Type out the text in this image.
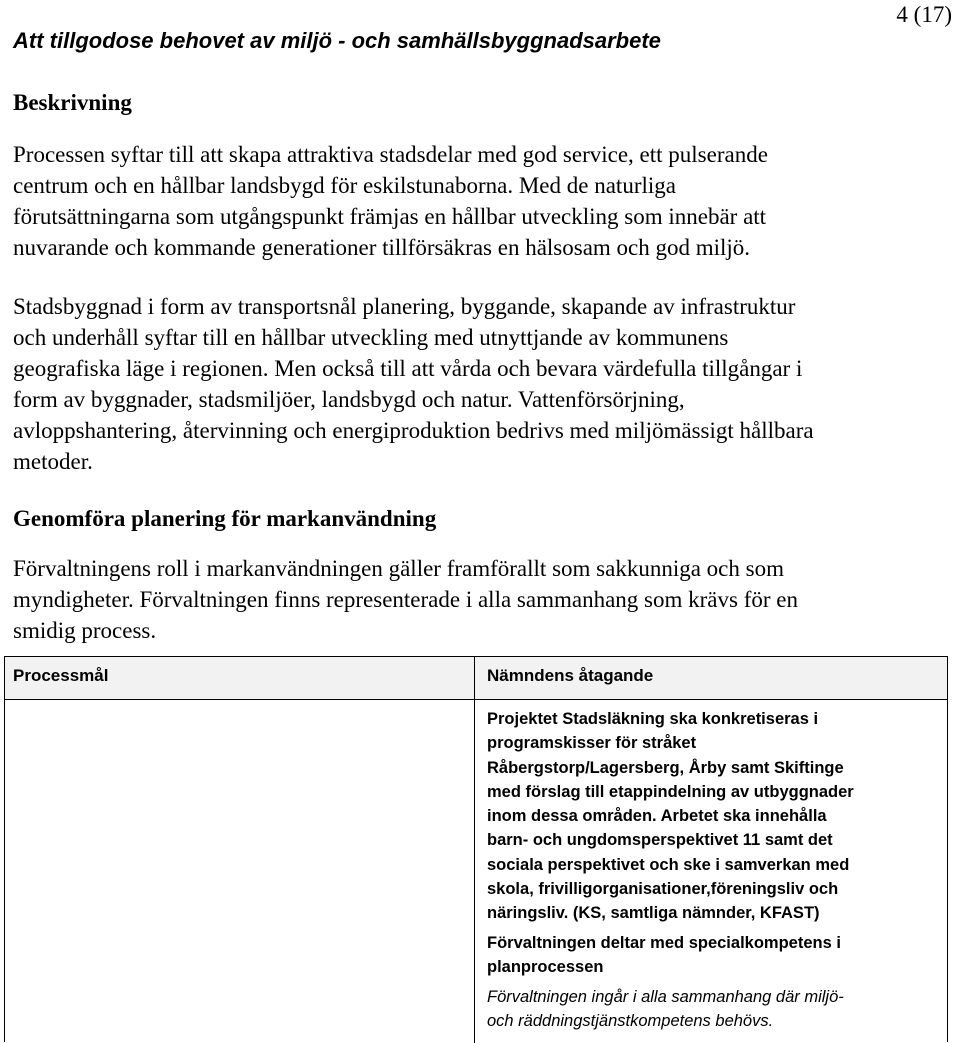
4 (17)
Att tillgodose behovet av miljö - och samhällsbyggnadsarbete
Beskrivning

Processen syftar till att skapa attraktiva stadsdelar med god service, ett pulserande
centrum och en hållbar landsbygd för eskilstunaborna. Med de naturliga
förutsättningarna som utgångspunkt främjas en hållbar utveckling som innebär att
nuvarande och kommande generationer tillförsäkras en hälsosam och god miljö.

Stadsbyggnad i form av transportsnål planering, byggande, skapande av infrastruktur
och underhåll syftar till en hållbar utveckling med utnyttjande av kommunens
geografiska läge i regionen. Men också till att vårda och bevara värdefulla tillgångar i
form av byggnader, stadsmiljöer, landsbygd och natur. Vattenförsörjning,
avloppshantering, återvinning och energiproduktion bedrivs med miljömässigt hållbara
metoder.

Genomföra planering för markanvändning

Förvaltningens roll i markanvändningen gäller framförallt som sakkunniga och som
myndigheter. Förvaltningen finns representerade i alla sammanhang som krävs för en
smidig process.

Processmål	Nämndens åtagande

Projektet Stadsläkning ska konkretiseras i
programskisser för stråket
Råbergstorp/Lagersberg, Årby samt Skiftinge
med förslag till etappindelning av utbyggnader
inom dessa områden. Arbetet ska innehålla
barn- och ungdomsperspektivet 11 samt det
sociala perspektivet och ske i samverkan med
skola, frivilligorganisationer,föreningsliv och
näringsliv. (KS, samtliga nämnder, KFAST)

Förvaltningen deltar med specialkompetens i
planprocessen

Förvaltningen ingår i alla sammanhang där miljö-
och räddningstjänstkompetens behövs.
